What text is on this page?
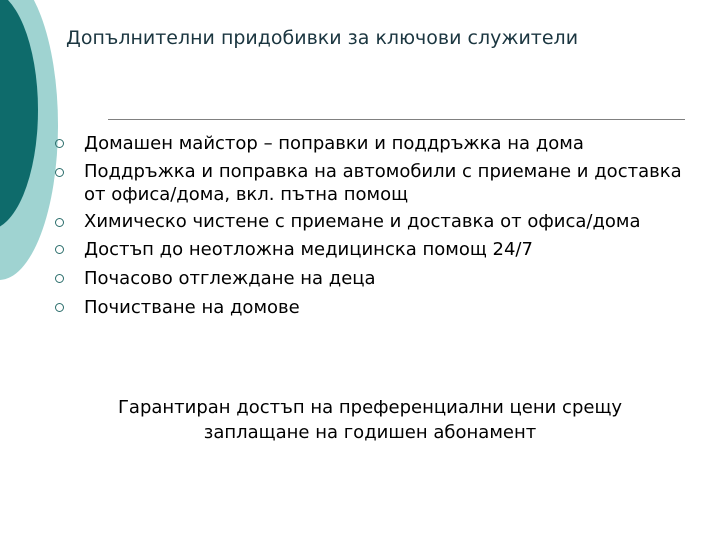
Допълнителни придобивки за ключови служители
Домашен майстор – поправки и поддръжка на дома
Поддръжка и поправка на автомобили с приемане и доставка от офиса/дома, вкл. пътна помощ
Химическо чистене с приемане и доставка от офиса/дома
Достъп до неотложна медицинска помощ 24/7
Почасово отглеждане на деца
Почистване на домове

Гарантиран достъп на преференциални цени срещу заплащане на годишен абонамент
